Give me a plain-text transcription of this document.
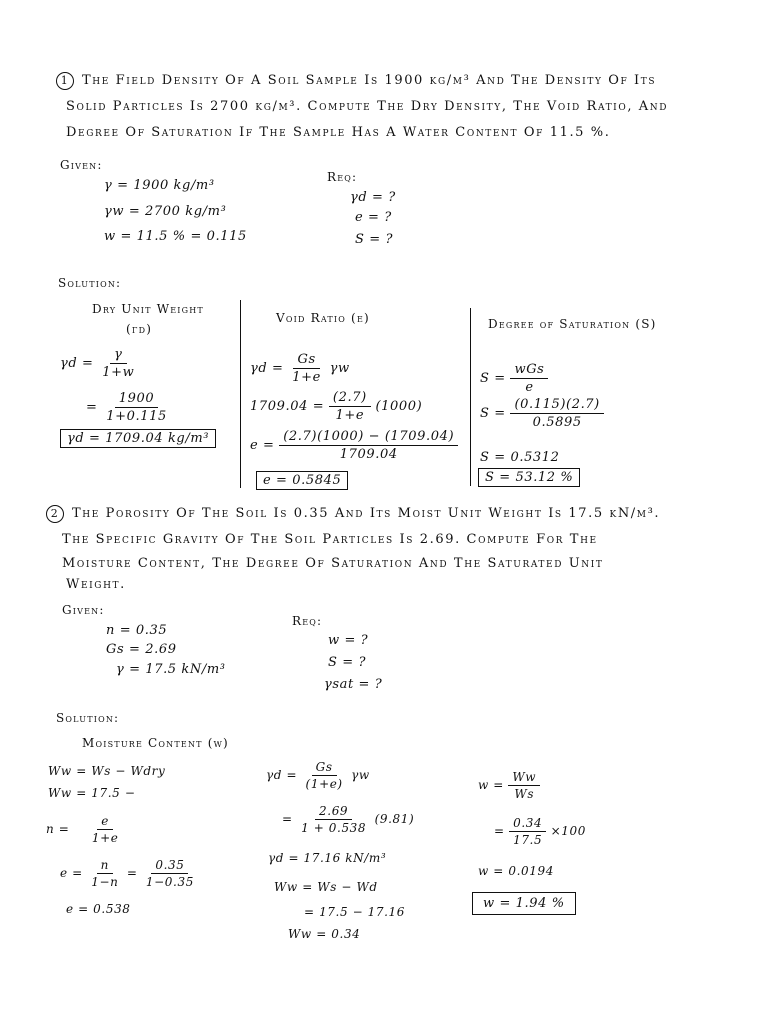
1 The Field Density Of A Soil Sample Is 1900 kg/m³ And The Density Of Its
Solid Particles Is 2700 kg/m³. Compute The Dry Density, The Void Ratio, And
Degree Of Saturation If The Sample Has A Water Content Of 11.5 %.
Given:
γ = 1900 kg/m³
γw = 2700 kg/m³
w = 11.5 % = 0.115
Req:
γd = ?
e = ?
S = ?
Solution:
Dry Unit Weight
(γd)
$\gamma d = \frac{\gamma}{1+w}$
= $\frac{1900}{1+0.115}$
γd = 1709.04 kg/m³
Void Ratio (e)
$\gamma d = \frac{Gs}{1+e}$ γw
$1709.04 = \frac{(2.7)}{1+e} (1000)$
$e = \frac{(2.7)(1000) - (1709.04)}{1709.04}$
e = 0.5845
Degree of Saturation (S)
$S = \frac{\text{wGs}}{e}$
$S = \frac{(0.115)(2.7)}{0.5895}$
S = 0.5312
S = 53.12 %
2 The Porosity Of The Soil Is 0.35 And Its Moist Unit Weight Is 17.5 kN/m³.
The Specific Gravity Of The Soil Particles Is 2.69. Compute For The
Moisture Content, The Degree Of Saturation And The Saturated Unit
Weight.
Given:
n = 0.35
Gs = 2.69
γ = 17.5 kN/m³
Req:
w = ?
S = ?
γsat = ?
Solution:
Moisture Content (w)
Ww = Ws − Wdry
Ww = 17.5 −
$n = \frac{e}{1+e}$
$e = \frac{n}{1-n} = \frac{0.35}{1-0.35}$
e = 0.538
$\gamma d = \frac{Gs}{(1+e)}$ γw
= $\frac{2.69}{1 + 0.538} (9.81)$
γd = 17.16 kN/m³
Ww = Ws − Wd
= 17.5 − 17.16
Ww = 0.34
$w = \frac{Ww}{Ws}$
= $\frac{0.34}{17.5} \times 100$
w = 0.0194
w = 1.94 %
